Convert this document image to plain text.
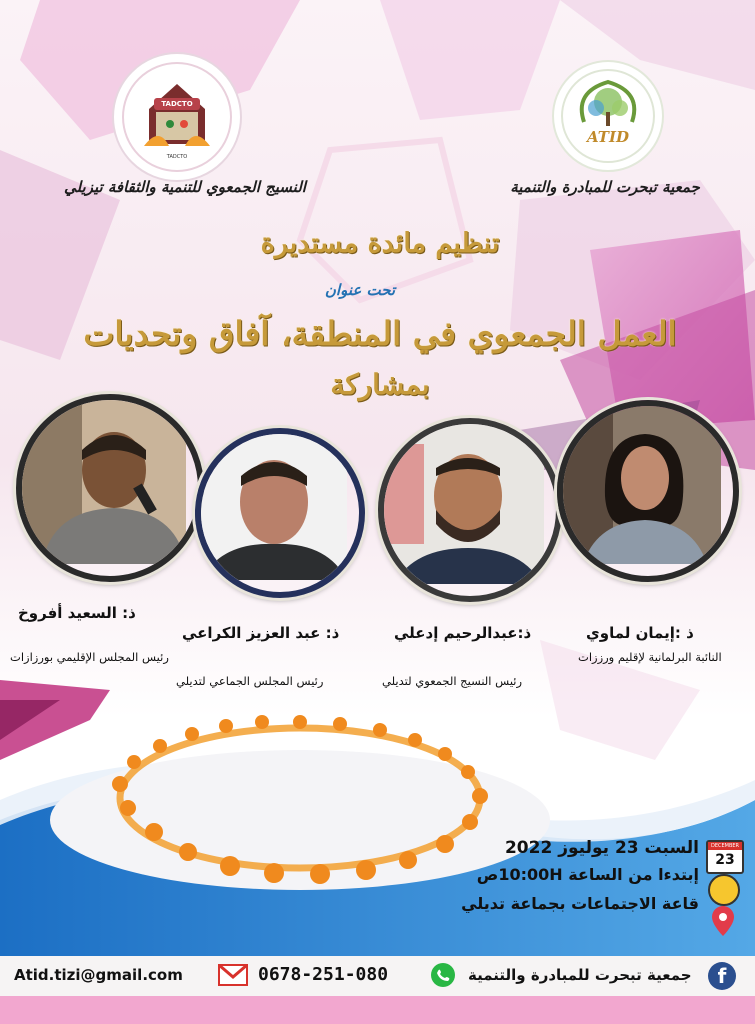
TADCTO
TADCTO
ATID
النسيج الجمعوي للتنمية والثقافة تيزيلي	جمعية تبحرت للمبادرة والتنمية
تنظيم مائدة مستديرة
تحت عنوان
العمل الجمعوي في المنطقة، آفاق وتحديات
بمشاركة
ذ: السعيد أفروخ
رئيس المجلس الإقليمي بورزازات
ذ: عبد العزيز الكراعي
رئيس المجلس الجماعي لتديلي
ذ:عبدالرحيم إدعلي
رئيس النسيج الجمعوي لتديلي
ذ :إيمان لماوي
النائبة البرلمانية لإقليم ورززات
DECEMBER
23
السبت 23 يوليوز 2022
إبتدءا من الساعة 10:00Hص
قاعة الاجتماعات بجماعة تديلي
Atid.tizi@gmail.com	0678-251-080	جمعية تبحرت للمبادرة والتنمية	f
